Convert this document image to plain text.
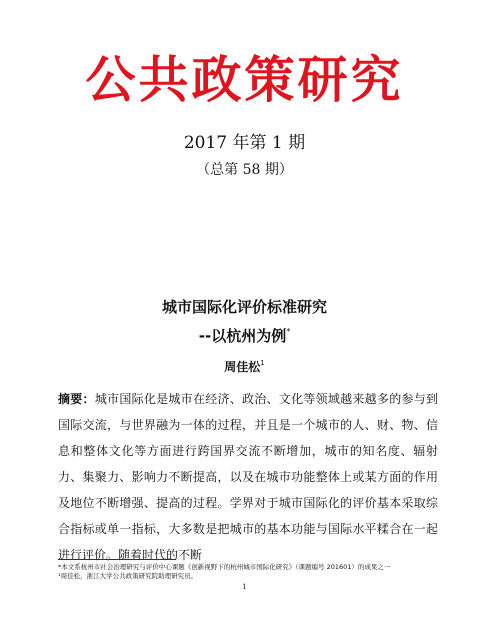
公共政策研究
2017 年第 1 期
（总第 58 期）
城市国际化评价标准研究
--以杭州为例*
周佳松$^1$
摘要：城市国际化是城市在经济、政治、文化等领域越来越多的参与到国际交流，与世界融为一体的过程，并且是一个城市的人、财、物、信息和整体文化等方面进行跨国界交流不断增加，城市的知名度、辐射力、集聚力、影响力不断提高，以及在城市功能整体上或某方面的作用及地位不断增强、提高的过程。学界对于城市国际化的评价基本采取综合指标或单一指标，大多数是把城市的基本功能与国际水平糅合在一起进行评价。随着时代的不断
*本文系杭州市社会治理研究与评价中心课题《创新视野下的杭州城市国际化研究》（课题编号 201601）的成果之一
¹周佳松，浙江大学公共政策研究院助理研究员。
1
